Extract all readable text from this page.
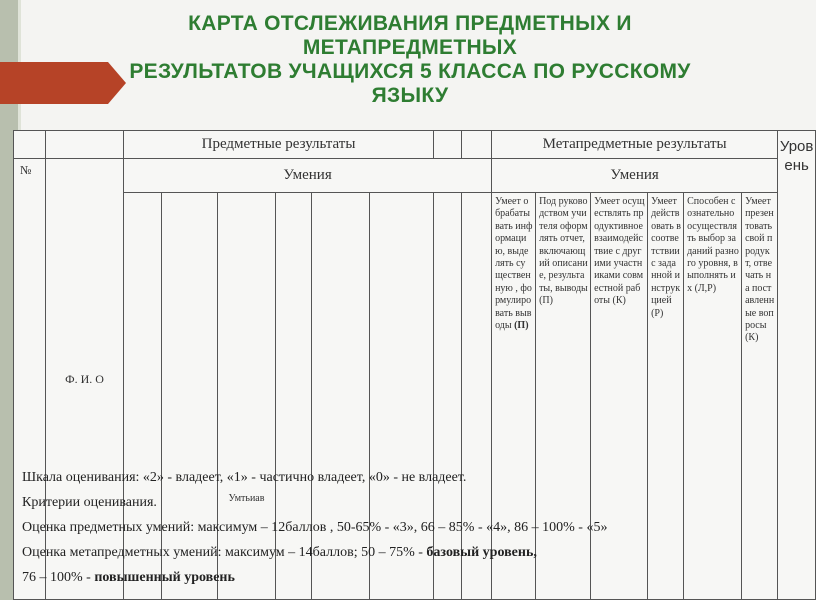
КАРТА ОТСЛЕЖИВАНИЯ ПРЕДМЕТНЫХ И
МЕТАПРЕДМЕТНЫХ
РЕЗУЛЬТАТОВ УЧАЩИХСЯ 5 КЛАССА ПО РУССКОМУ
ЯЗЫКУ
		Предметные результаты								Метапредметные результаты						Уровень
№	Ф. И. О	Умения								Умения						
				Умтьиав						Умеет обрабатывать информацию, выделять существенную , формулировать выводы (П)	Под руководством учителя оформлять отчет, включающий описание, результаты, выводы (П)	Умеет осуществлять продуктивное взаимодействие с другими участниками совместной работы (К)	Умеет действовать в соответствии с заданной инструкцией (Р)	Способен сознательно осуществлять выбор заданий разного уровня, выполнять их (Л,Р)	Умеет презентовать свой продукт, отвечать на поставленные вопросы (К)	
Шкала оценивания: «2» - владеет, «1» - частично владеет, «0» - не владеет.
Критерии оценивания.
Оценка предметных умений: максимум – 12баллов , 50-65% - «3», 66 – 85% - «4», 86 – 100% - «5»
Оценка метапредметных умений: максимум – 14баллов; 50 – 75% - базовый уровень,
76 – 100% - повышенный уровень
